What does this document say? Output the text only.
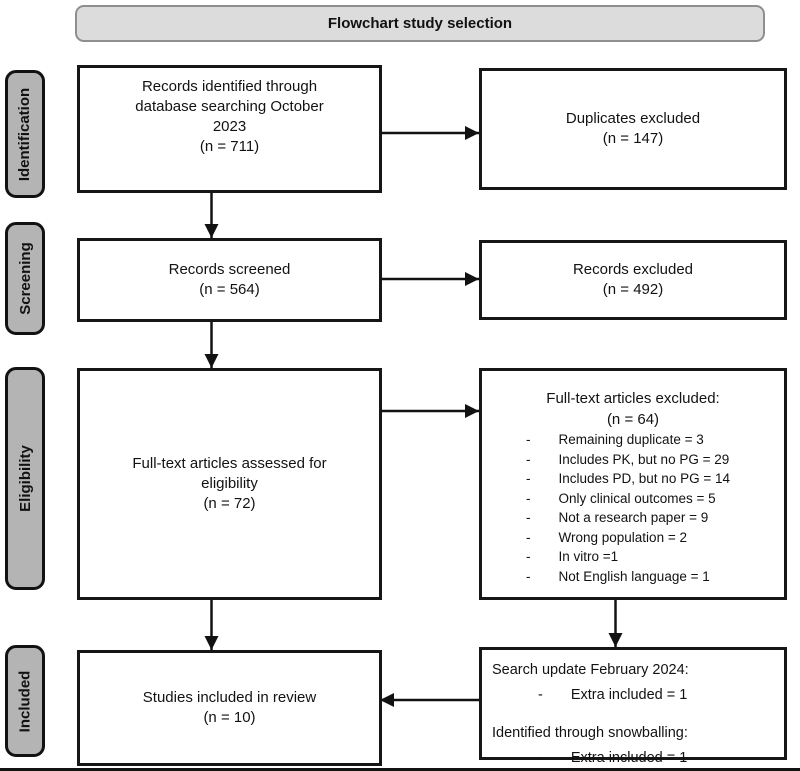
Flowchart study selection
Identification
Screening
Eligibility
Included
Records identified through
database searching October
2023
(n = 711)
Duplicates excluded
(n = 147)
Records screened
(n = 564)
Records excluded
(n = 492)
Full-text articles assessed for
eligibility
(n = 72)
Full-text articles excluded:
(n = 64)
- Remaining duplicate = 3
- Includes PK, but no PG = 29
- Includes PD, but no PG = 14
- Only clinical outcomes = 5
- Not a research paper = 9
- Wrong population = 2
- In vitro =1
- Not English language = 1
Studies included in review
(n = 10)
Search update February 2024:
- Extra included = 1
Identified through snowballing:
- Extra included = 1
